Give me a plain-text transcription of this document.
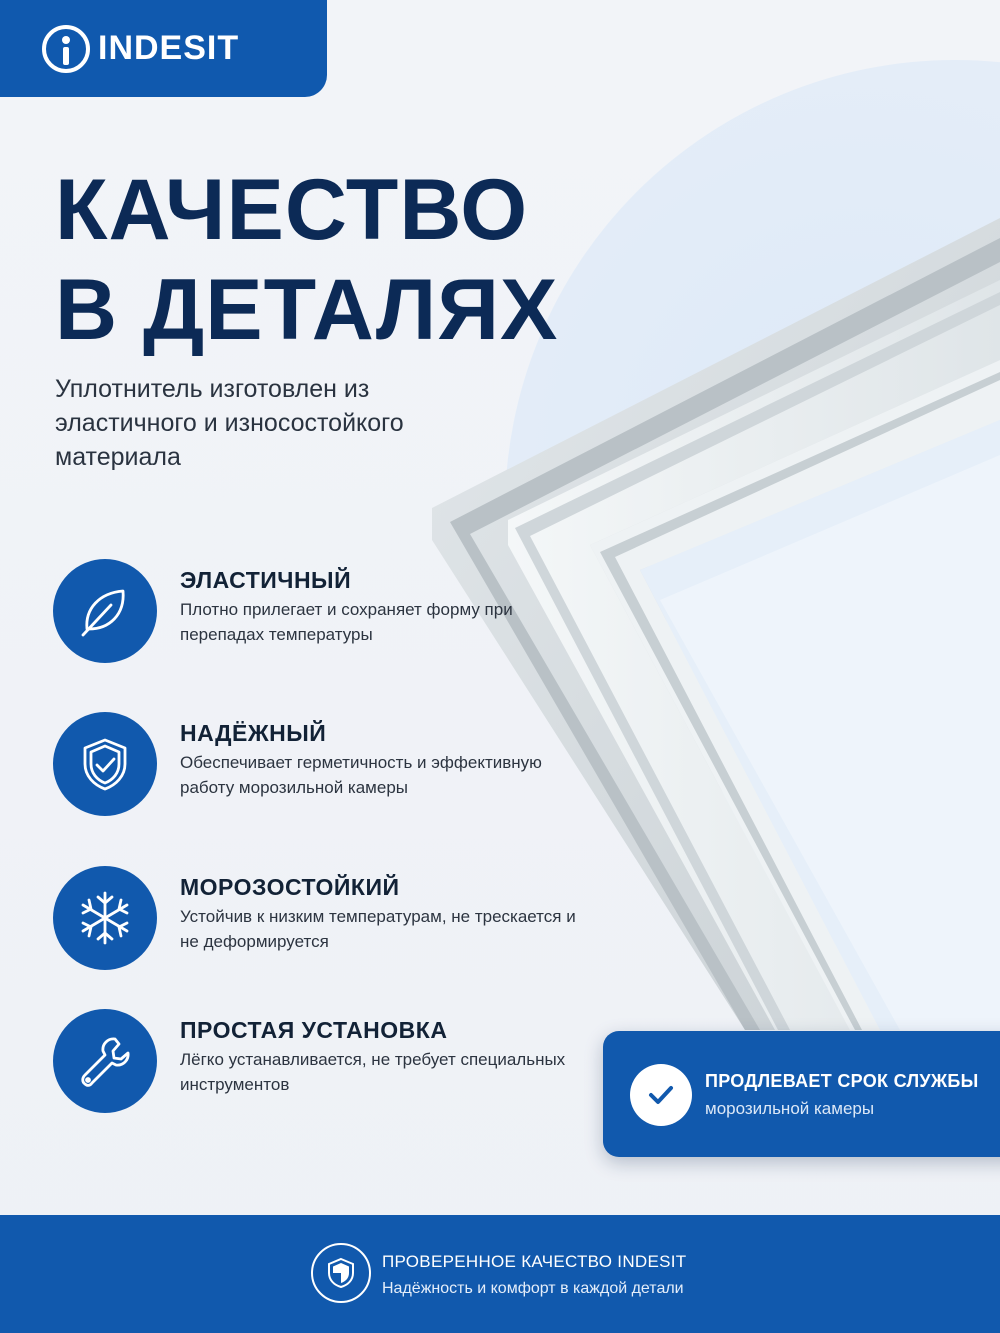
INDESIT
КАЧЕСТВО
В ДЕТАЛЯХ

Уплотнитель изготовлен из эластичного и износостойкого материала

ЭЛАСТИЧНЫЙ
Плотно прилегает и сохраняет форму при перепадах температуры
НАДЁЖНЫЙ
Обеспечивает герметичность и эффективную работу морозильной камеры
МОРОЗОСТОЙКИЙ
Устойчив к низким температурам, не трескается и не деформируется
ПРОСТАЯ УСТАНОВКА
Лёгко устанавливается, не требует специальных инструментов	ПРОДЛЕВАЕТ СРОК СЛУЖБЫ
морозильной камеры
ПРОВЕРЕННОЕ КАЧЕСТВО INDESIT
Надёжность и комфорт в каждой детали
